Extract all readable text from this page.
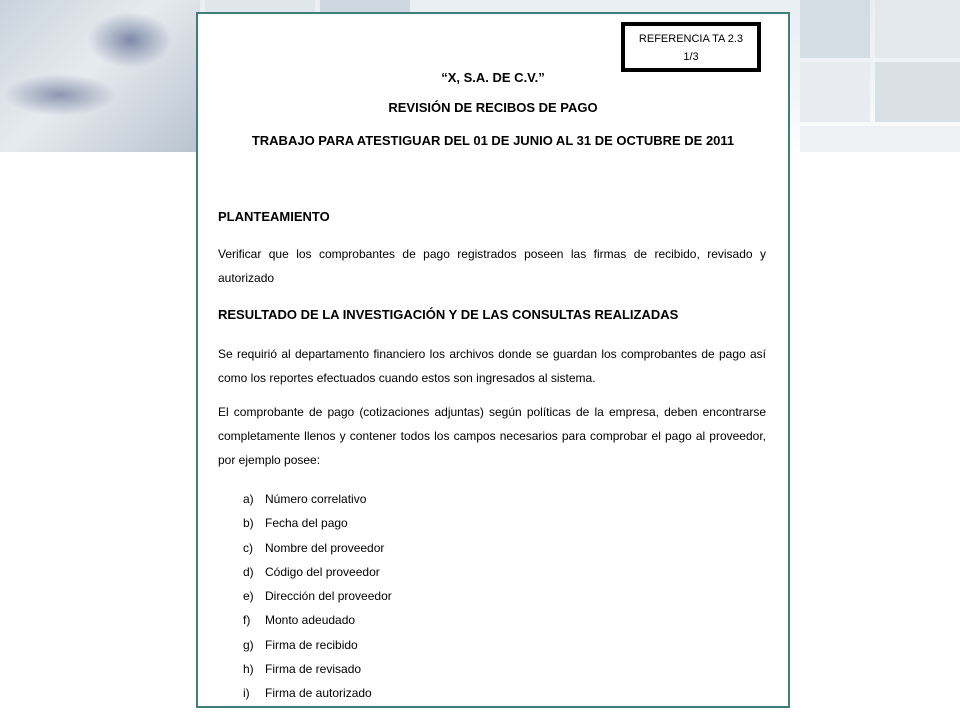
REFERENCIA TA 2.3
1/3
“X, S.A. DE C.V.”
REVISIÓN DE RECIBOS DE PAGO
TRABAJO PARA ATESTIGUAR DEL 01 DE JUNIO AL 31 DE OCTUBRE DE 2011
PLANTEAMIENTO
Verificar que los comprobantes de pago registrados poseen las firmas de recibido, revisado y autorizado
RESULTADO DE LA INVESTIGACIÓN Y DE LAS CONSULTAS REALIZADAS
Se requirió al departamento financiero los archivos donde se guardan los comprobantes de pago así como los reportes efectuados cuando estos son ingresados al sistema.
El comprobante de pago (cotizaciones adjuntas) según políticas de la empresa, deben encontrarse completamente llenos y contener todos los campos necesarios para comprobar el pago al proveedor, por ejemplo posee:
a) Número correlativo
b) Fecha del pago
c) Nombre del proveedor
d) Código del proveedor
e) Dirección del proveedor
f) Monto adeudado
g) Firma de recibido
h) Firma de revisado
i) Firma de autorizado
